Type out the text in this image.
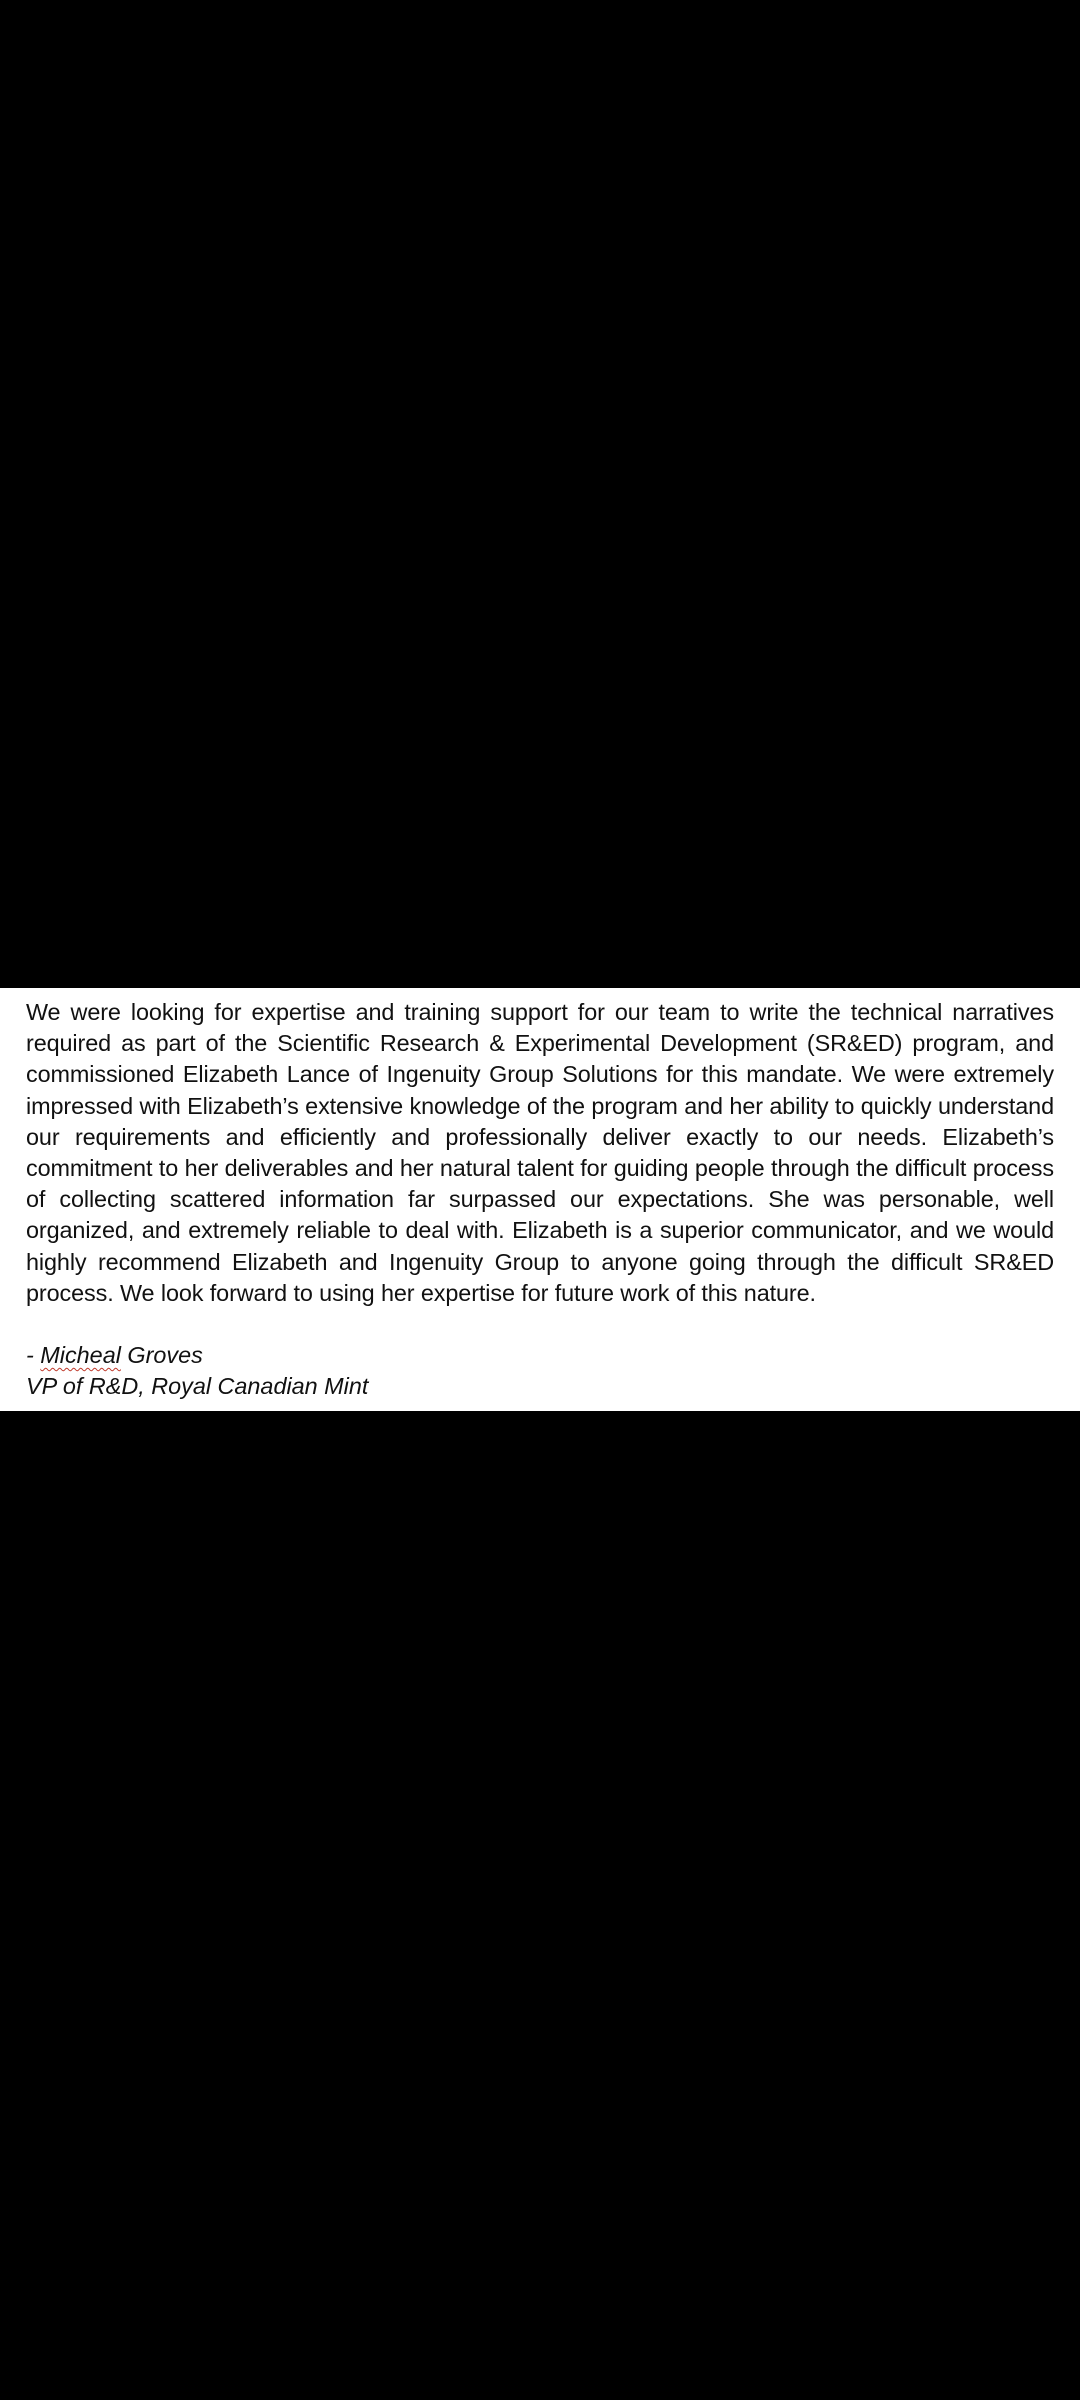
We were looking for expertise and training support for our team to write the technical narratives required as part of the Scientific Research & Experimental Development (SR&ED) program, and commissioned Elizabeth Lance of Ingenuity Group Solutions for this mandate. We were extremely impressed with Elizabeth’s extensive knowledge of the program and her ability to quickly understand our requirements and efficiently and professionally deliver exactly to our needs. Elizabeth’s commitment to her deliverables and her natural talent for guiding people through the difficult process of collecting scattered information far surpassed our expectations. She was personable, well organized, and extremely reliable to deal with. Elizabeth is a superior communicator, and we would highly recommend Elizabeth and Ingenuity Group to anyone going through the difficult SR&ED process. We look forward to using her expertise for future work of this nature.

- Micheal Groves

VP of R&D, Royal Canadian Mint
